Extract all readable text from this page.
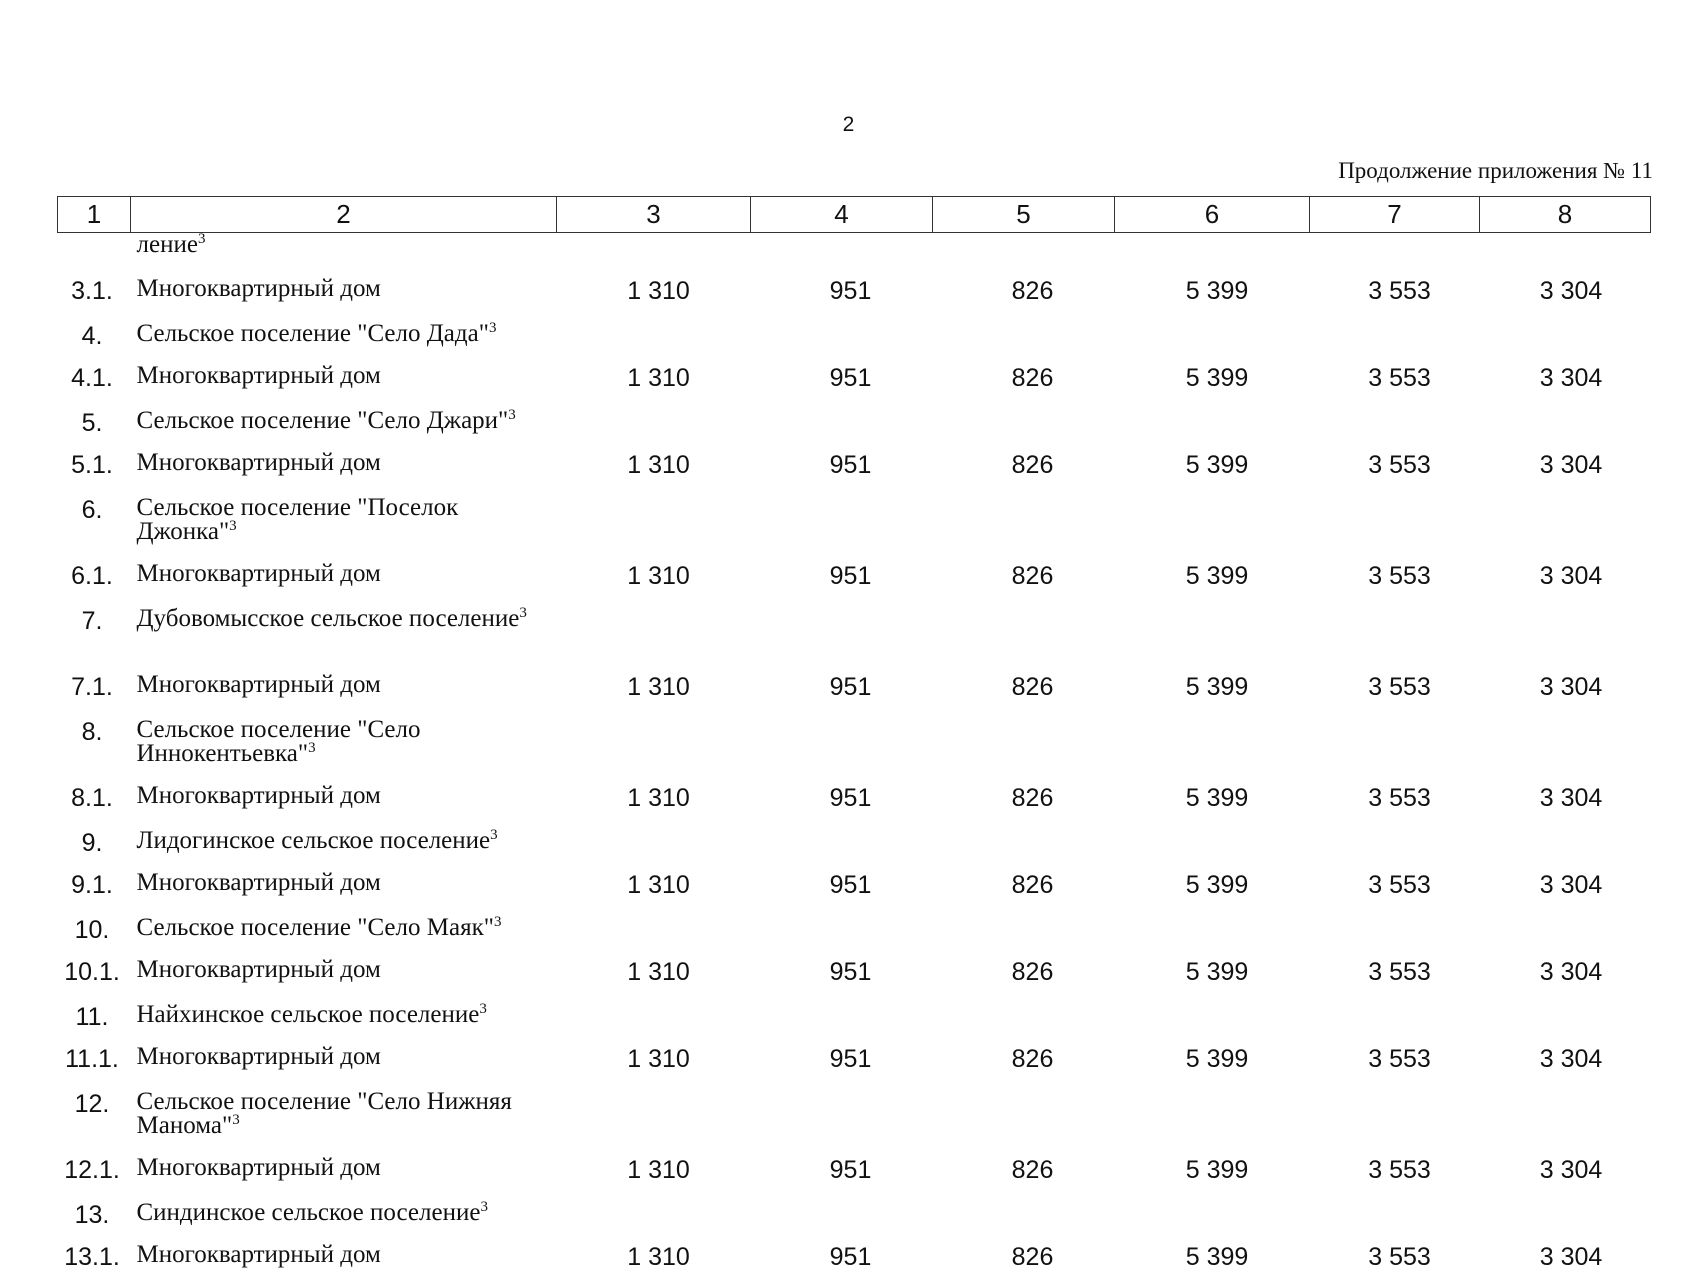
2
Продолжение приложения № 11
1	2	3	4	5	6	7	8
	ление$^3$	
3.1.	Многоквартирный дом	1 310	951	826	5 399	3 553	3 304
4.	Сельское поселение "Село Дада"$^3$	
4.1.	Многоквартирный дом	1 310	951	826	5 399	3 553	3 304
5.	Сельское поселение "Село Джари"$^3$	
5.1.	Многоквартирный дом	1 310	951	826	5 399	3 553	3 304
6.	Сельское поселение "Поселок Джонка"$^3$	
6.1.	Многоквартирный дом	1 310	951	826	5 399	3 553	3 304
7.	Дубовомысское сельское поселение$^3$	
7.1.	Многоквартирный дом	1 310	951	826	5 399	3 553	3 304
8.	Сельское поселение "Село Иннокентьевка"$^3$	
8.1.	Многоквартирный дом	1 310	951	826	5 399	3 553	3 304
9.	Лидогинское сельское поселение$^3$	
9.1.	Многоквартирный дом	1 310	951	826	5 399	3 553	3 304
10.	Сельское поселение "Село Маяк"$^3$	
10.1.	Многоквартирный дом	1 310	951	826	5 399	3 553	3 304
11.	Найхинское сельское поселение$^3$	
11.1.	Многоквартирный дом	1 310	951	826	5 399	3 553	3 304
12.	Сельское поселение "Село Нижняя Манома"$^3$	
12.1.	Многоквартирный дом	1 310	951	826	5 399	3 553	3 304
13.	Синдинское сельское поселение$^3$	
13.1.	Многоквартирный дом	1 310	951	826	5 399	3 553	3 304
